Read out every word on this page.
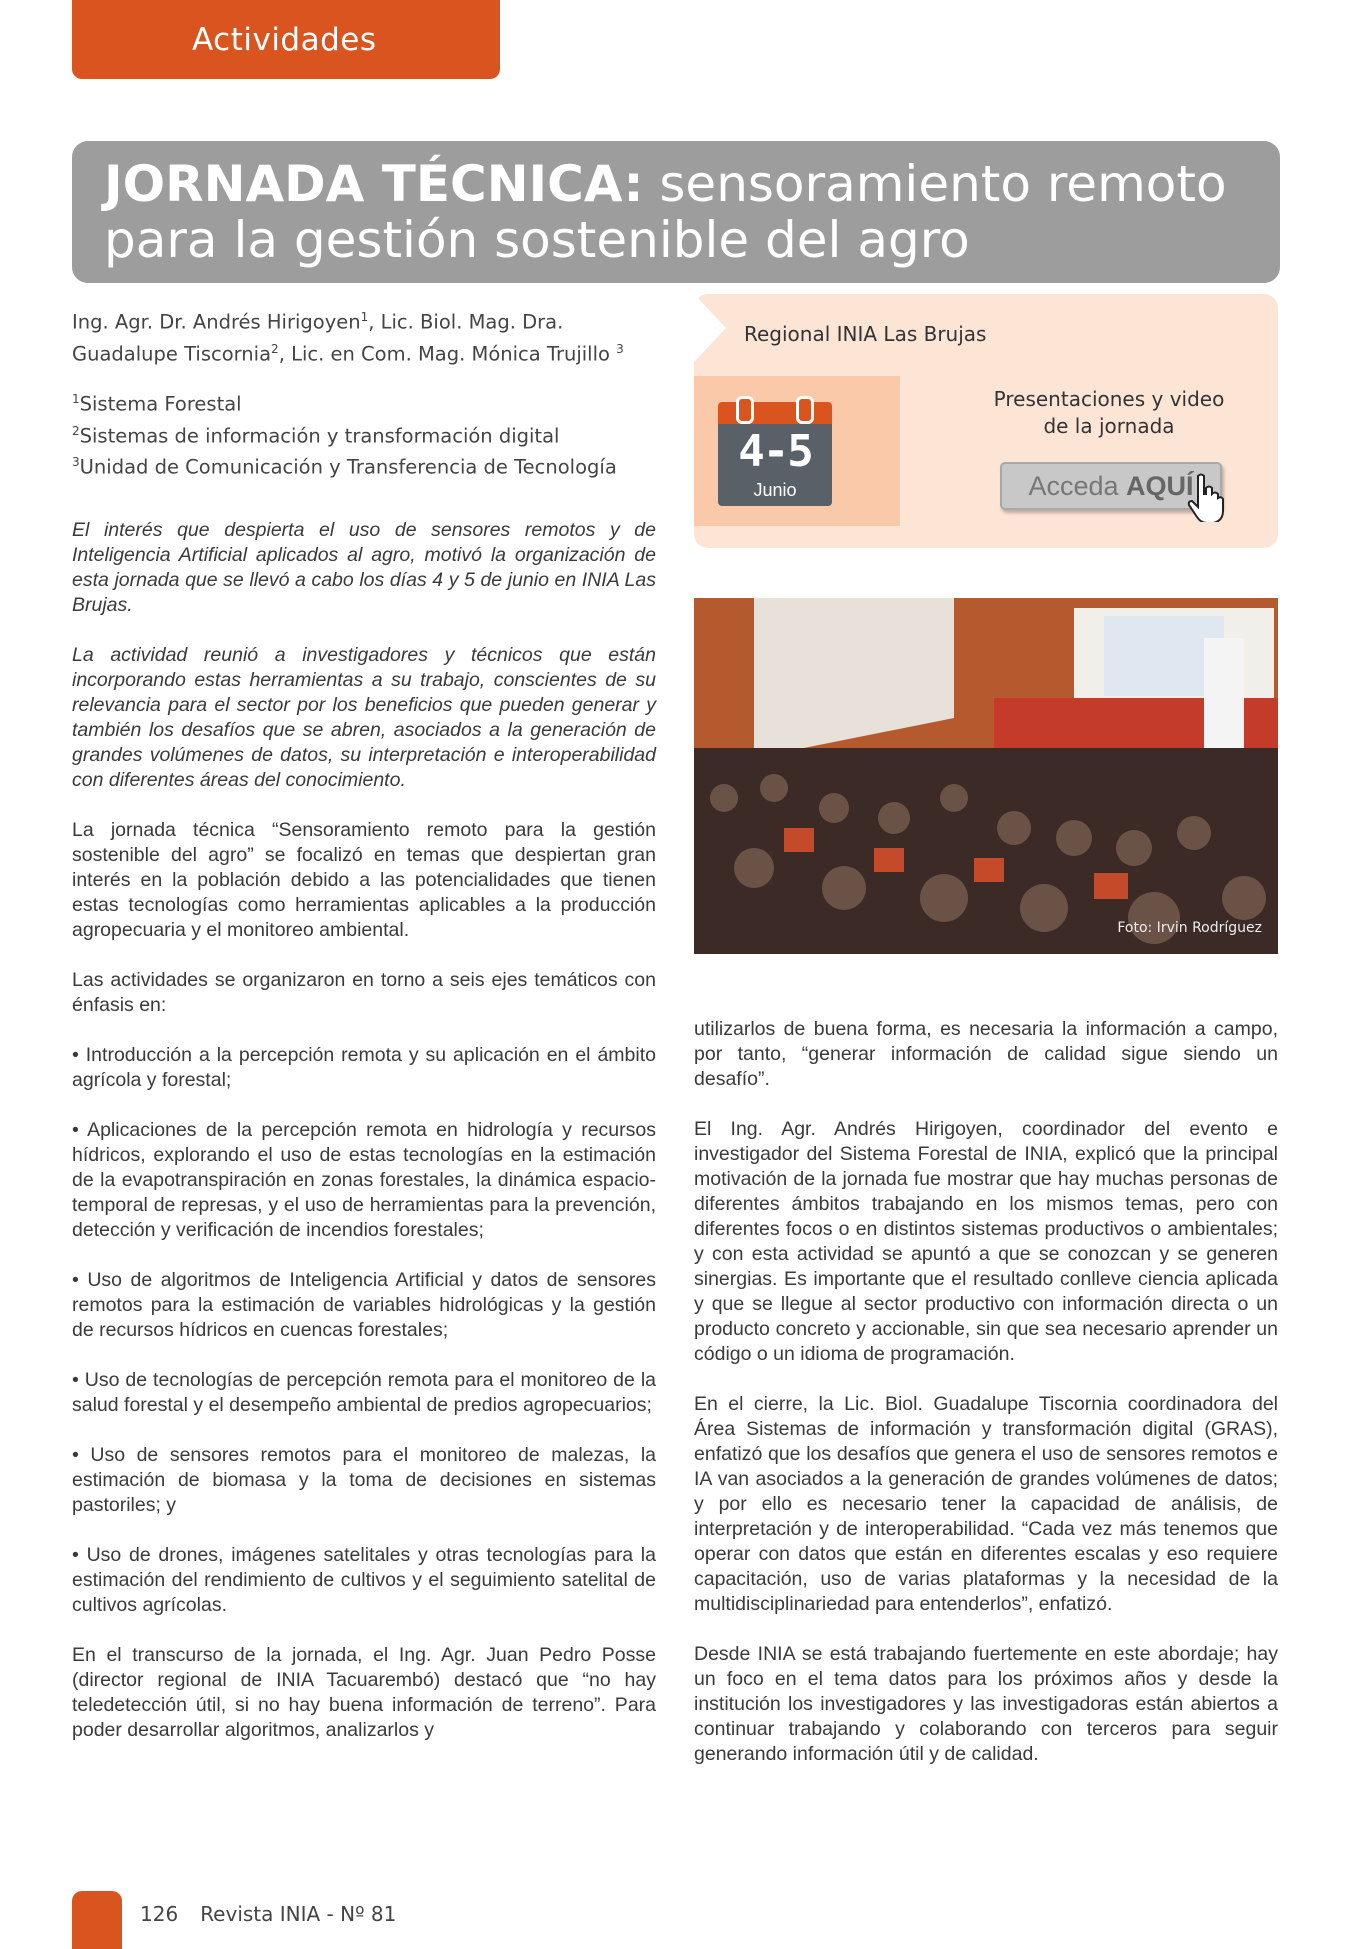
Actividades
JORNADA TÉCNICA: sensoramiento remoto
para la gestión sostenible del agro
Ing. Agr. Dr. Andrés Hirigoyen$^1$, Lic. Biol. Mag. Dra.
Guadalupe Tiscornia$^2$, Lic. en Com. Mag. Mónica Trujillo $^3$
$^1$Sistema Forestal
$^2$Sistemas de información y transformación digital
$^3$Unidad de Comunicación y Transferencia de Tecnología
Regional INIA Las Brujas
4-5
Junio
Presentaciones y video
de la jornada
Acceda AQUÍ
Foto: Irvin Rodríguez

El interés que despierta el uso de sensores remotos y de Inteligencia Artificial aplicados al agro, motivó la organización de esta jornada que se llevó a cabo los días 4 y 5 de junio en INIA Las Brujas.

La actividad reunió a investigadores y técnicos que están incorporando estas herramientas a su trabajo, conscientes de su relevancia para el sector por los beneficios que pueden generar y también los desafíos que se abren, asociados a la generación de grandes volúmenes de datos, su interpretación e interoperabilidad con diferentes áreas del conocimiento.

La jornada técnica “Sensoramiento remoto para la gestión sostenible del agro” se focalizó en temas que despiertan gran interés en la población debido a las potencialidades que tienen estas tecnologías como herramientas aplicables a la producción agropecuaria y el monitoreo ambiental.

Las actividades se organizaron en torno a seis ejes temáticos con énfasis en:

• Introducción a la percepción remota y su aplicación en el ámbito agrícola y forestal;

• Aplicaciones de la percepción remota en hidrología y recursos hídricos, explorando el uso de estas tecnologías en la estimación de la evapotranspiración en zonas forestales, la dinámica espacio-temporal de represas, y el uso de herramientas para la prevención, detección y verificación de incendios forestales;

• Uso de algoritmos de Inteligencia Artificial y datos de sensores remotos para la estimación de variables hidrológicas y la gestión de recursos hídricos en cuencas forestales;

• Uso de tecnologías de percepción remota para el monitoreo de la salud forestal y el desempeño ambiental de predios agropecuarios;

• Uso de sensores remotos para el monitoreo de malezas, la estimación de biomasa y la toma de decisiones en sistemas pastoriles; y

• Uso de drones, imágenes satelitales y otras tecnologías para la estimación del rendimiento de cultivos y el seguimiento satelital de cultivos agrícolas.

En el transcurso de la jornada, el Ing. Agr. Juan Pedro Posse (director regional de INIA Tacuarembó) destacó que “no hay teledetección útil, si no hay buena información de terreno”. Para poder desarrollar algoritmos, analizarlos y

utilizarlos de buena forma, es necesaria la información a campo, por tanto, “generar información de calidad sigue siendo un desafío”.

El Ing. Agr. Andrés Hirigoyen, coordinador del evento e investigador del Sistema Forestal de INIA, explicó que la principal motivación de la jornada fue mostrar que hay muchas personas de diferentes ámbitos trabajando en los mismos temas, pero con diferentes focos o en distintos sistemas productivos o ambientales; y con esta actividad se apuntó a que se conozcan y se generen sinergias. Es importante que el resultado conlleve ciencia aplicada y que se llegue al sector productivo con información directa o un producto concreto y accionable, sin que sea necesario aprender un código o un idioma de programación.

En el cierre, la Lic. Biol. Guadalupe Tiscornia coordinadora del Área Sistemas de información y transformación digital (GRAS), enfatizó que los desafíos que genera el uso de sensores remotos e IA van asociados a la generación de grandes volúmenes de datos; y por ello es necesario tener la capacidad de análisis, de interpretación y de interoperabilidad. “Cada vez más tenemos que operar con datos que están en diferentes escalas y eso requiere capacitación, uso de varias plataformas y la necesidad de la multidisciplinariedad para entenderlos”, enfatizó.

Desde INIA se está trabajando fuertemente en este abordaje; hay un foco en el tema datos para los próximos años y desde la institución los investigadores y las investigadoras están abiertos a continuar trabajando y colaborando con terceros para seguir generando información útil y de calidad.

126 Revista INIA - Nº 81
